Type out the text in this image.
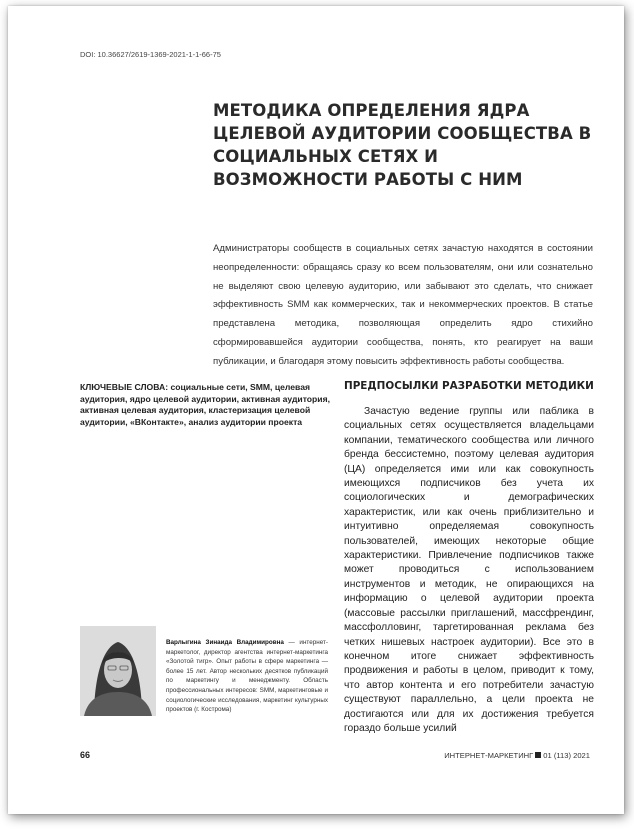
DOI: 10.36627/2619-1369-2021-1-1-66-75
МЕТОДИКА ОПРЕДЕЛЕНИЯ ЯДРА ЦЕЛЕВОЙ АУДИТОРИИ СООБЩЕСТВА В СОЦИАЛЬНЫХ СЕТЯХ И ВОЗМОЖНОСТИ РАБОТЫ С НИМ
Администраторы сообществ в социальных сетях зачастую находятся в состоянии неопределенности: обращаясь сразу ко всем пользователям, они или сознательно не выделяют свою целевую аудиторию, или забывают это сделать, что снижает эффективность SMM как коммерческих, так и некоммерческих проектов. В статье представлена методика, позволяющая определить ядро стихийно сформировавшейся аудитории сообщества, понять, кто реагирует на ваши публикации, и благодаря этому повысить эффективность работы сообщества.
КЛЮЧЕВЫЕ СЛОВА: социальные сети, SMM, целевая аудитория, ядро целевой аудитории, активная аудитория, активная целевая аудитория, кластеризация целевой аудитории, «ВКонтакте», анализ аудитории проекта
ПРЕДПОСЫЛКИ РАЗРАБОТКИ МЕТОДИКИ

Зачастую ведение группы или паблика в социальных сетях осуществляется владельцами компании, тематического сообщества или личного бренда бессистемно, поэтому целевая аудитория (ЦА) определяется ими или как совокупность имеющихся подписчиков без учета их социологических и демографических характеристик, или как очень приблизительно и интуитивно определяемая совокупность пользователей, имеющих некоторые общие характеристики. Привлечение подписчиков также может проводиться с использованием инструментов и методик, не опирающихся на информацию о целевой аудитории проекта (массовые рассылки приглашений, массфрендинг, массфолловинг, таргетированная реклама без четких нишевых настроек аудитории). Все это в конечном итоге снижает эффективность продвижения и работы в целом, приводит к тому, что автор контента и его потребители зачастую существуют параллельно, а цели проекта не достигаются или для их достижения требуется гораздо больше усилий

Варлыгина Зинаида Владимировна — интернет-маркетолог, директор агентства интернет-маркетинга «Золотой тигр». Опыт работы в сфере маркетинга — более 15 лет. Автор нескольких десятков публикаций по маркетингу и менеджменту. Область профессиональных интересов: SMM, маркетинговые и социологические исследования, маркетинг культурных проектов (г. Кострома)
66	ИНТЕРНЕТ-МАРКЕТИНГ 01 (113) 2021
